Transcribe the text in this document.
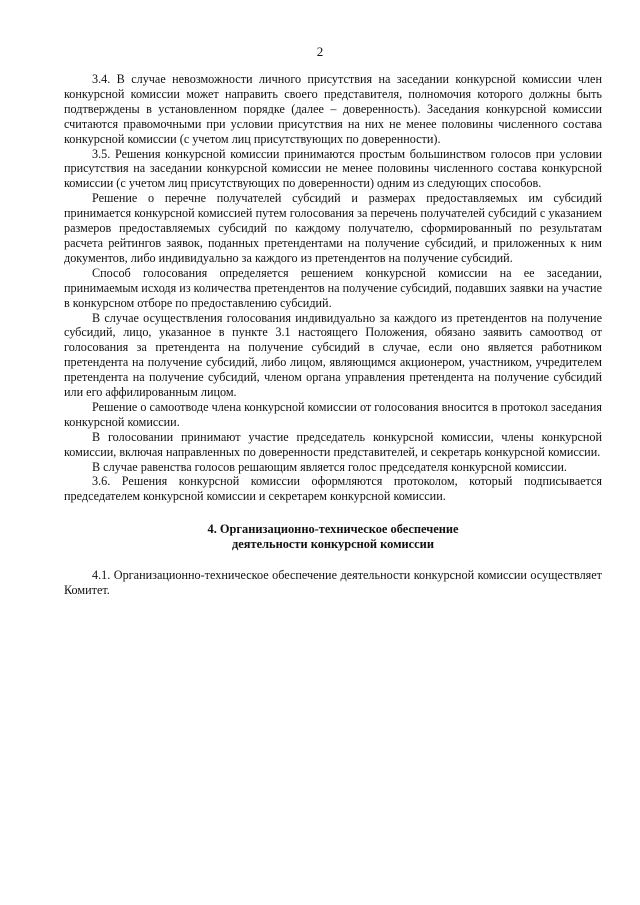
2

3.4. В случае невозможности личного присутствия на заседании конкурсной комиссии член конкурсной комиссии может направить своего представителя, полномочия которого должны быть подтверждены в установленном порядке (далее – доверенность). Заседания конкурсной комиссии считаются правомочными при условии присутствия на них не менее половины численного состава конкурсной комиссии (с учетом лиц присутствующих по доверенности).

3.5. Решения конкурсной комиссии принимаются простым большинством голосов при условии присутствия на заседании конкурсной комиссии не менее половины численного состава конкурсной комиссии (с учетом лиц присутствующих по доверенности) одним из следующих способов.

Решение о перечне получателей субсидий и размерах предоставляемых им субсидий принимается конкурсной комиссией путем голосования за перечень получателей субсидий с указанием размеров предоставляемых субсидий по каждому получателю, сформированный по результатам расчета рейтингов заявок, поданных претендентами на получение субсидий, и приложенных к ним документов, либо индивидуально за каждого из претендентов на получение субсидий.

Способ голосования определяется решением конкурсной комиссии на ее заседании, принимаемым исходя из количества претендентов на получение субсидий, подавших заявки на участие в конкурсном отборе по предоставлению субсидий.

В случае осуществления голосования индивидуально за каждого из претендентов на получение субсидий, лицо, указанное в пункте 3.1 настоящего Положения, обязано заявить самоотвод от голосования за претендента на получение субсидий в случае, если оно является работником претендента на получение субсидий, либо лицом, являющимся акционером, участником, учредителем претендента на получение субсидий, членом органа управления претендента на получение субсидий или его аффилированным лицом.

Решение о самоотводе члена конкурсной комиссии от голосования вносится в протокол заседания конкурсной комиссии.

В голосовании принимают участие председатель конкурсной комиссии, члены конкурсной комиссии, включая направленных по доверенности представителей, и секретарь конкурсной комиссии.

В случае равенства голосов решающим является голос председателя конкурсной комиссии.

3.6. Решения конкурсной комиссии оформляются протоколом, который подписывается председателем конкурсной комиссии и секретарем конкурсной комиссии.

4. Организационно-техническое обеспечение
деятельности конкурсной комиссии

4.1. Организационно-техническое обеспечение деятельности конкурсной комиссии осуществляет Комитет.
